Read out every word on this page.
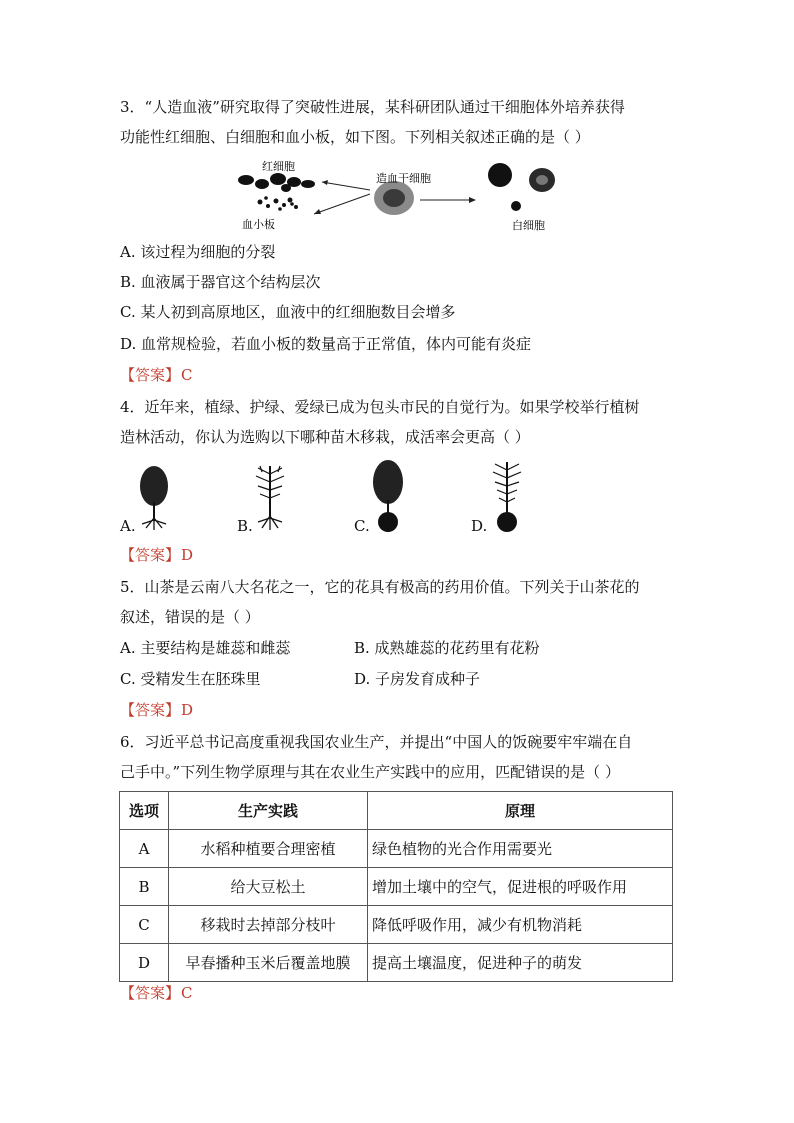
3．“人造血液”研究取得了突破性进展，某科研团队通过干细胞体外培养获得
功能性红细胞、白细胞和血小板，如下图。下列相关叙述正确的是（ ）
红细胞
血小板
造血干细胞
白细胞
A. 该过程为细胞的分裂
B. 血液属于器官这个结构层次
C. 某人初到高原地区，血液中的红细胞数目会增多
D. 血常规检验，若血小板的数量高于正常值，体内可能有炎症
【答案】C
4．近年来，植绿、护绿、爱绿已成为包头市民的自觉行为。如果学校举行植树
造林活动，你认为选购以下哪种苗木移栽，成活率会更高（ ）
A.	B.	C.	D.
【答案】D
5．山茶是云南八大名花之一，它的花具有极高的药用价值。下列关于山茶花的
叙述，错误的是（ ）
A. 主要结构是雄蕊和雌蕊	B. 成熟雄蕊的花药里有花粉
C. 受精发生在胚珠里	D. 子房发育成种子
【答案】D
6．习近平总书记高度重视我国农业生产，并提出“中国人的饭碗要牢牢端在自
己手中。”下列生物学原理与其在农业生产实践中的应用，匹配错误的是（ ）
选项	生产实践	原理
A	水稻种植要合理密植	绿色植物的光合作用需要光
B	给大豆松土	增加土壤中的空气，促进根的呼吸作用
C	移栽时去掉部分枝叶	降低呼吸作用，减少有机物消耗
D	早春播种玉米后覆盖地膜	提高土壤温度，促进种子的萌发
【答案】C
